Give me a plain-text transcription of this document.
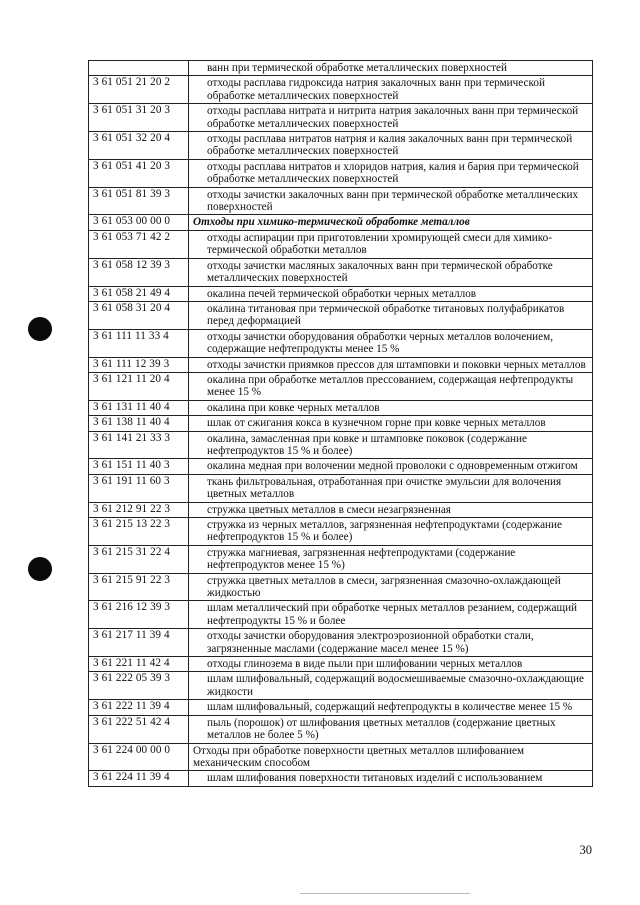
	ванн при термической обработке металлических поверхностей
3 61 051 21 20 2	отходы расплава гидроксида натрия закалочных ванн при термической обработке металлических поверхностей
3 61 051 31 20 3	отходы расплава нитрата и нитрита натрия закалочных ванн при термической обработке металлических поверхностей
3 61 051 32 20 4	отходы расплава нитратов натрия и калия закалочных ванн при термической обработке металлических поверхностей
3 61 051 41 20 3	отходы расплава нитратов и хлоридов натрия, калия и бария при термической обработке металлических поверхностей
3 61 051 81 39 3	отходы зачистки закалочных ванн при термической обработке металлических поверхностей
3 61 053 00 00 0	Отходы при химико-термической обработке металлов
3 61 053 71 42 2	отходы аспирации при приготовлении хромирующей смеси для химико-термической обработки металлов
3 61 058 12 39 3	отходы зачистки масляных закалочных ванн при термической обработке металлических поверхностей
3 61 058 21 49 4	окалина печей термической обработки черных металлов
3 61 058 31 20 4	окалина титановая при термической обработке титановых полуфабрикатов перед деформацией
3 61 111 11 33 4	отходы зачистки оборудования обработки черных металлов волочением, содержащие нефтепродукты менее 15 %
3 61 111 12 39 3	отходы зачистки приямков прессов для штамповки и поковки черных металлов
3 61 121 11 20 4	окалина при обработке металлов прессованием, содержащая нефтепродукты менее 15 %
3 61 131 11 40 4	окалина при ковке черных металлов
3 61 138 11 40 4	шлак от сжигания кокса в кузнечном горне при ковке черных металлов
3 61 141 21 33 3	окалина, замасленная при ковке и штамповке поковок (содержание нефтепродуктов 15 % и более)
3 61 151 11 40 3	окалина медная при волочении медной проволоки с одновременным отжигом
3 61 191 11 60 3	ткань фильтровальная, отработанная при очистке эмульсии для волочения цветных металлов
3 61 212 91 22 3	стружка цветных металлов в смеси незагрязненная
3 61 215 13 22 3	стружка из черных металлов, загрязненная нефтепродуктами (содержание нефтепродуктов 15 % и более)
3 61 215 31 22 4	стружка магниевая, загрязненная нефтепродуктами (содержание нефтепродуктов менее 15 %)
3 61 215 91 22 3	стружка цветных металлов в смеси, загрязненная смазочно-охлаждающей жидкостью
3 61 216 12 39 3	шлам металлический при обработке черных металлов резанием, содержащий нефтепродукты 15 % и более
3 61 217 11 39 4	отходы зачистки оборудования электроэрозионной обработки стали, загрязненные маслами (содержание масел менее 15 %)
3 61 221 11 42 4	отходы глинозема в виде пыли при шлифовании черных металлов
3 61 222 05 39 3	шлам шлифовальный, содержащий водосмешиваемые смазочно-охлаждающие жидкости
3 61 222 11 39 4	шлам шлифовальный, содержащий нефтепродукты в количестве менее 15 %
3 61 222 51 42 4	пыль (порошок) от шлифования цветных металлов (содержание цветных металлов не более 5 %)
3 61 224 00 00 0	Отходы при обработке поверхности цветных металлов шлифованием механическим способом
3 61 224 11 39 4	шлам шлифования поверхности титановых изделий с использованием
30
